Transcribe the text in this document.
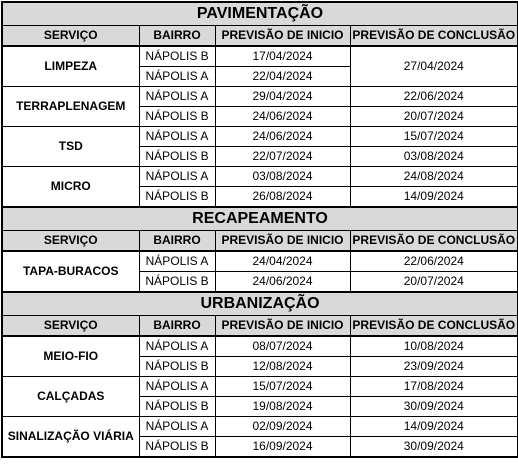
PAVIMENTAÇÃO			
SERVIÇO	BAIRRO	PREVISÃO DE INICIO	PREVISÃO DE CONCLUSÃO
LIMPEZA	NÁPOLIS B	17/04/2024	27/04/2024
	NÁPOLIS A	22/04/2024	
TERRAPLENAGEM	NÁPOLIS A	29/04/2024	22/06/2024
	NÁPOLIS B	24/06/2024	20/07/2024
TSD	NÁPOLIS A	24/06/2024	15/07/2024
	NÁPOLIS B	22/07/2024	03/08/2024
MICRO	NÁPOLIS A	03/08/2024	24/08/2024
	NÁPOLIS B	26/08/2024	14/09/2024
RECAPEAMENTO			
SERVIÇO	BAIRRO	PREVISÃO DE INICIO	PREVISÃO DE CONCLUSÃO
TAPA-BURACOS	NÁPOLIS A	24/04/2024	22/06/2024
	NÁPOLIS B	24/06/2024	20/07/2024
URBANIZAÇÃO			
SERVIÇO	BAIRRO	PREVISÃO DE INICIO	PREVISÃO DE CONCLUSÃO
MEIO-FIO	NÁPOLIS A	08/07/2024	10/08/2024
	NÁPOLIS B	12/08/2024	23/09/2024
CALÇADAS	NÁPOLIS A	15/07/2024	17/08/2024
	NÁPOLIS B	19/08/2024	30/09/2024
SINALIZAÇÃO VIÁRIA	NÁPOLIS A	02/09/2024	14/09/2024
	NÁPOLIS B	16/09/2024	30/09/2024
